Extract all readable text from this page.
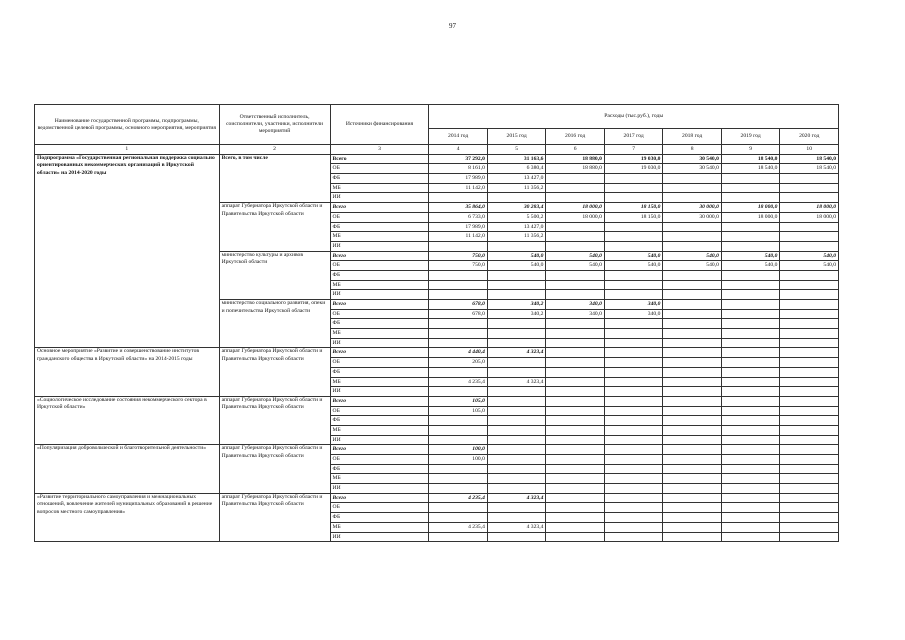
97
Наименование государственной программы, подпрограммы, ведомственной целевой программы, основного мероприятия, мероприятия	Ответственный исполнитель, соисполнители, участники, исполнители мероприятий	Источники финансирования	Расходы (тыс.руб.), годы						
			2014 год	2015 год	2016 год	2017 год	2018 год	2019 год	2020 год
1	2	3	4	5	6	7	8	9	10
Подпрограмма «Государственная региональная поддержка социально ориентированных некоммерческих организаций в Иркутской области» на 2014-2020 годы	Всего, в том числе	Всего	37 292,0	31 163,6	18 880,0	19 030,0	30 540,0	18 540,0	18 540,0
		ОБ	8 161,0	6 380,4	18 880,0	19 030,0	30 540,0	18 540,0	18 540,0
		ФБ	17 989,0	13 427,0					
		МБ	11 142,0	11 356,2					
		ИИ							
	аппарат Губернатора Иркутской области и Правительства Иркутской области	Всего	35 864,0	30 283,4	18 000,0	18 150,0	30 000,0	18 000,0	18 000,0
		ОБ	6 733,0	5 500,2	18 000,0	18 150,0	30 000,0	18 000,0	18 000,0
		ФБ	17 989,0	13 427,0					
		МБ	11 142,0	11 356,2					
		ИИ							
	министерство культуры и архивов Иркутской области	Всего	750,0	540,0	540,0	540,0	540,0	540,0	540,0
		ОБ	750,0	540,0	540,0	540,0	540,0	540,0	540,0
		ФБ							
		МБ							
		ИИ							
	министерство социального развития, опеки и попечительства Иркутской области	Всего	678,0	340,2	340,0	340,0			
		ОБ	678,0	340,2	340,0	340,0			
		ФБ							
		МБ							
		ИИ							
Основное мероприятие «Развитие и совершенствование институтов гражданского общества в Иркутской области» на 2014-2015 годы	аппарат Губернатора Иркутской области и Правительства Иркутской области	Всего	4 440,4	4 323,4					
		ОБ	205,0						
		ФБ							
		МБ	4 235,4	4 323,4					
		ИИ							
«Социологическое исследование состояния некоммерческого сектора в Иркутской области»	аппарат Губернатора Иркутской области и Правительства Иркутской области	Всего	105,0						
		ОБ	105,0						
		ФБ							
		МБ							
		ИИ							
«Популяризация добровольческой и благотворительной деятельности»	аппарат Губернатора Иркутской области и Правительства Иркутской области	Всего	100,0						
		ОБ	100,0						
		ФБ							
		МБ							
		ИИ							
«Развитие территориального самоуправления и межнациональных отношений, вовлечение жителей муниципальных образований в решение вопросов местного самоуправления»	аппарат Губернатора Иркутской области и Правительства Иркутской области	Всего	4 235,4	4 323,4					
		ОБ							
		ФБ							
		МБ	4 235,4	4 323,4					
		ИИ							
